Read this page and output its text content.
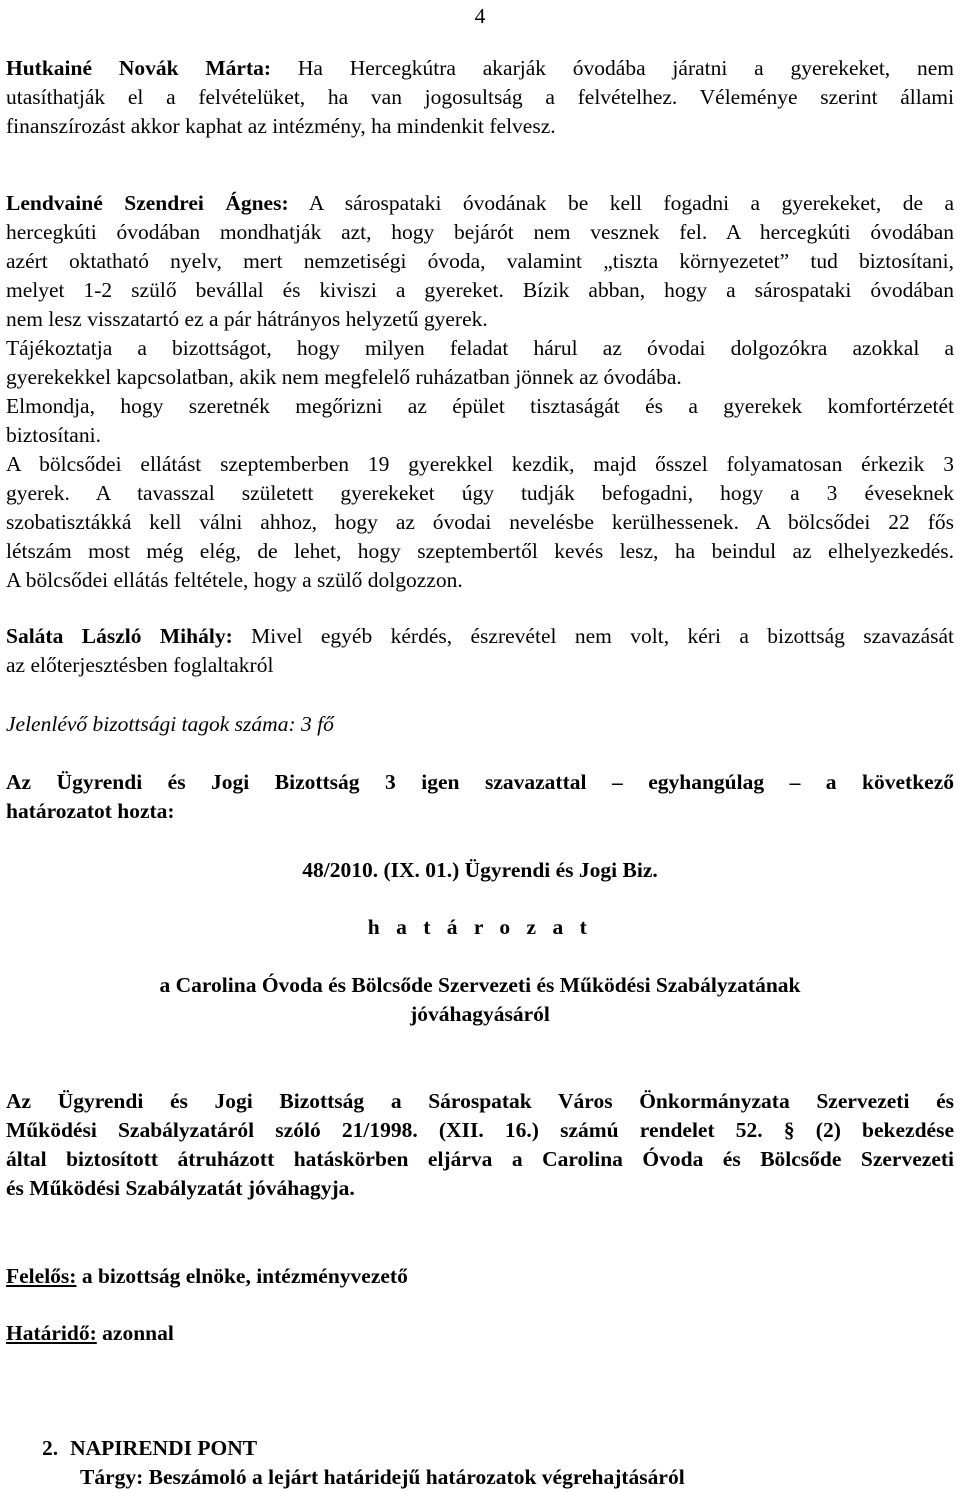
4
Hutkainé Novák Márta: Ha Hercegkútra akarják óvodába járatni a gyerekeket, nem
utasíthatják el a felvételüket, ha van jogosultság a felvételhez. Véleménye szerint állami
finanszírozást akkor kaphat az intézmény, ha mindenkit felvesz.
Lendvainé Szendrei Ágnes: A sárospataki óvodának be kell fogadni a gyerekeket, de a
hercegkúti óvodában mondhatják azt, hogy bejárót nem vesznek fel. A hercegkúti óvodában
azért oktatható nyelv, mert nemzetiségi óvoda, valamint „tiszta környezetet” tud biztosítani,
melyet 1-2 szülő bevállal és kiviszi a gyereket. Bízik abban, hogy a sárospataki óvodában
nem lesz visszatartó ez a pár hátrányos helyzetű gyerek.
Tájékoztatja a bizottságot, hogy milyen feladat hárul az óvodai dolgozókra azokkal a
gyerekekkel kapcsolatban, akik nem megfelelő ruházatban jönnek az óvodába.
Elmondja, hogy szeretnék megőrizni az épület tisztaságát és a gyerekek komfortérzetét
biztosítani.
A bölcsődei ellátást szeptemberben 19 gyerekkel kezdik, majd ősszel folyamatosan érkezik 3
gyerek. A tavasszal született gyerekeket úgy tudják befogadni, hogy a 3 éveseknek
szobatisztákká kell válni ahhoz, hogy az óvodai nevelésbe kerülhessenek. A bölcsődei 22 fős
létszám most még elég, de lehet, hogy szeptembertől kevés lesz, ha beindul az elhelyezkedés.
A bölcsődei ellátás feltétele, hogy a szülő dolgozzon.
Saláta László Mihály: Mivel egyéb kérdés, észrevétel nem volt, kéri a bizottság szavazását
az előterjesztésben foglaltakról
Jelenlévő bizottsági tagok száma: 3 fő
Az Ügyrendi és Jogi Bizottság 3 igen szavazattal – egyhangúlag – a következő
határozatot hozta:
48/2010. (IX. 01.) Ügyrendi és Jogi Biz.
h a t á r o z a t
a Carolina Óvoda és Bölcsőde Szervezeti és Működési Szabályzatának
jóváhagyásáról
Az Ügyrendi és Jogi Bizottság a Sárospatak Város Önkormányzata Szervezeti és
Működési Szabályzatáról szóló 21/1998. (XII. 16.) számú rendelet 52. § (2) bekezdése
által biztosított átruházott hatáskörben eljárva a Carolina Óvoda és Bölcsőde Szervezeti
és Működési Szabályzatát jóváhagyja.
Felelős: a bizottság elnöke, intézményvezető
Határidő: azonnal
2. NAPIRENDI PONT
Tárgy: Beszámoló a lejárt határidejű határozatok végrehajtásáról
